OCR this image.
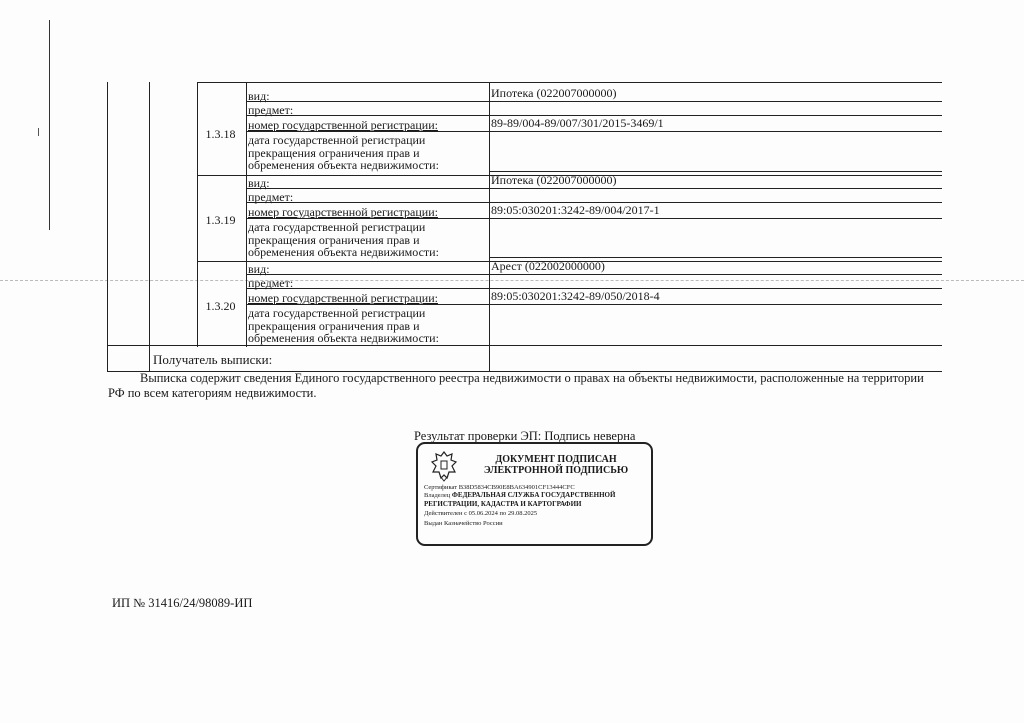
1.3.18
вид:	Ипотека (022007000000)
предмет:
номер государственной регистрации:	89-89/004-89/007/301/2015-3469/1
дата государственной регистрации прекращения ограничения прав и обременения объекта недвижимости:
1.3.19
вид:	Ипотека (022007000000)
предмет:
номер государственной регистрации:	89:05:030201:3242-89/004/2017-1
дата государственной регистрации прекращения ограничения прав и обременения объекта недвижимости:
1.3.20
вид:	Арест (022002000000)
предмет:
номер государственной регистрации:	89:05:030201:3242-89/050/2018-4
дата государственной регистрации прекращения ограничения прав и обременения объекта недвижимости:
Получатель выписки:
Выписка содержит сведения Единого государственного реестра недвижимости о правах на объекты недвижимости, расположенные на территории РФ по всем категориям недвижимости.
Результат проверки ЭП: Подпись неверна
ДОКУМЕНТ ПОДПИСАН
ЭЛЕКТРОННОЙ ПОДПИСЬЮ
Сертификат B38D5834CB90E8BA634901CF13444CFC
Владелец ФЕДЕРАЛЬНАЯ СЛУЖБА ГОСУДАРСТВЕННОЙ
РЕГИСТРАЦИИ, КАДАСТРА И КАРТОГРАФИИ
Действителен с 05.06.2024 по 29.08.2025
Выдан Казначейство России
ИП № 31416/24/98089-ИП
